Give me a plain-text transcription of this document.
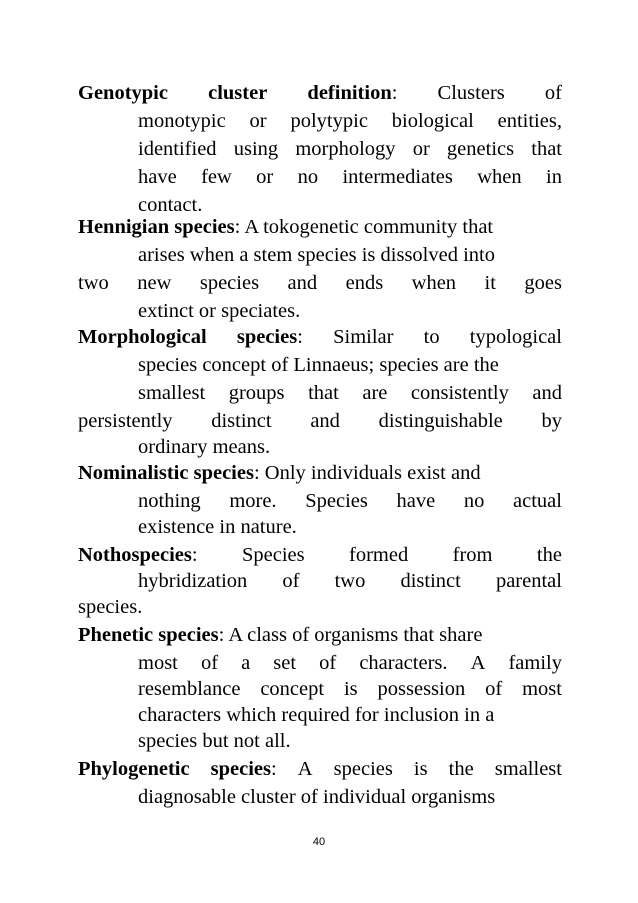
Genotypic cluster definition: Clusters of
monotypic or polytypic biological entities,
identified using morphology or genetics that
have few or no intermediates when in
contact.
Hennigian species: A tokogenetic community that
arises when a stem species is dissolved into
two new species and ends when it goes
extinct or speciates.
Morphological species: Similar to typological
species concept of Linnaeus; species are the
smallest groups that are consistently and
persistently distinct and distinguishable by
ordinary means.
Nominalistic species: Only individuals exist and
nothing more. Species have no actual
existence in nature.
Nothospecies: Species formed from the
hybridization of two distinct parental
species.
Phenetic species: A class of organisms that share
most of a set of characters. A family
resemblance concept is possession of most
characters which required for inclusion in a
species but not all.
Phylogenetic species: A species is the smallest
diagnosable cluster of individual organisms
40
